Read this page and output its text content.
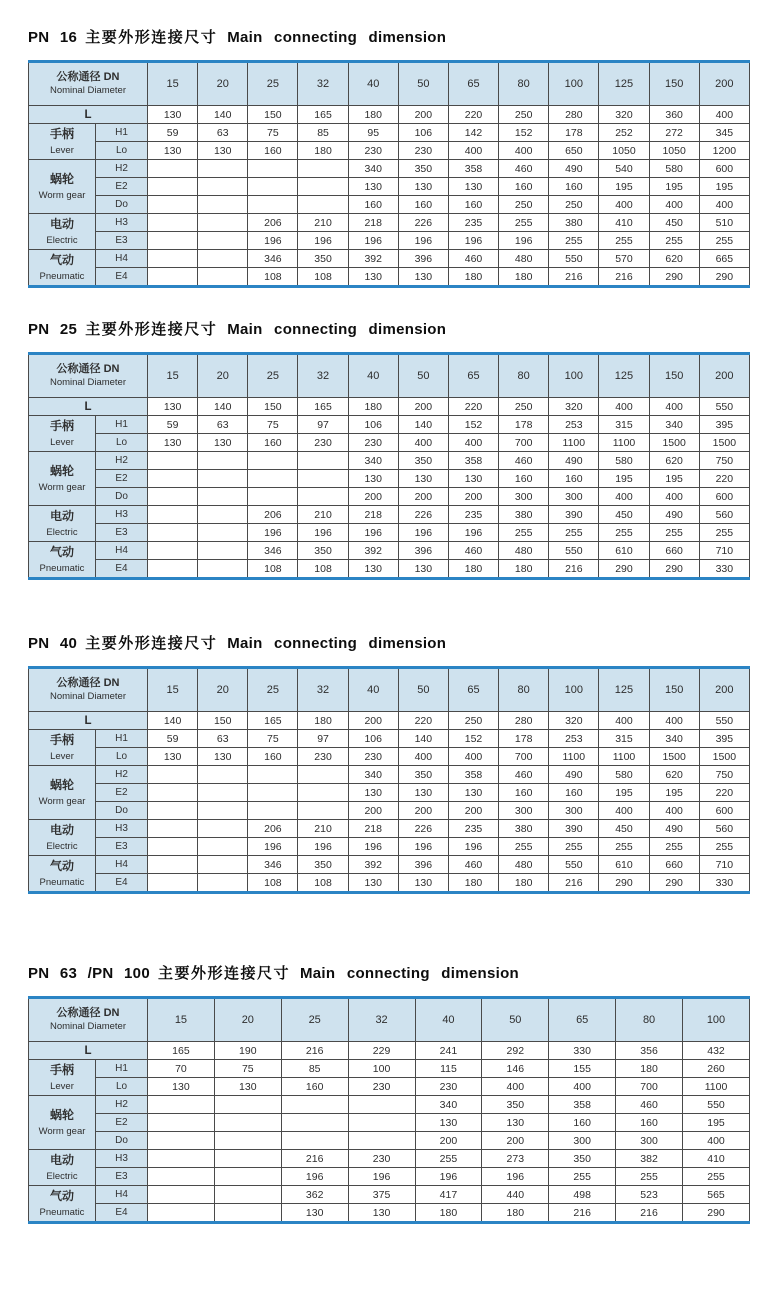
PN 16 主要外形连接尺寸 Main connecting dimension
公称通径 DN
Nominal Diameter		15	20	25	32	40	50	65	80	100	125	150	200
L		130	140	150	165	180	200	220	250	280	320	360	400

手柄
Lever	H1	59	63	75	85	95	106	142	152	178	252	272	345
	Lo	130	130	160	180	230	230	400	400	650	1050	1050	1200

蜗轮
Worm gear	H2					340	350	358	460	490	540	580	600
	E2					130	130	130	160	160	195	195	195
	Do					160	160	160	250	250	400	400	400

电动
Electric	H3			206	210	218	226	235	255	380	410	450	510
	E3			196	196	196	196	196	196	255	255	255	255

气动
Pneumatic	H4			346	350	392	396	460	480	550	570	620	665
	E4			108	108	130	130	180	180	216	216	290	290
PN 25 主要外形连接尺寸 Main connecting dimension
公称通径 DN
Nominal Diameter		15	20	25	32	40	50	65	80	100	125	150	200
L		130	140	150	165	180	200	220	250	320	400	400	550

手柄
Lever	H1	59	63	75	97	106	140	152	178	253	315	340	395
	Lo	130	130	160	230	230	400	400	700	1100	1100	1500	1500

蜗轮
Worm gear	H2					340	350	358	460	490	580	620	750
	E2					130	130	130	160	160	195	195	220
	Do					200	200	200	300	300	400	400	600

电动
Electric	H3			206	210	218	226	235	380	390	450	490	560
	E3			196	196	196	196	196	255	255	255	255	255

气动
Pneumatic	H4			346	350	392	396	460	480	550	610	660	710
	E4			108	108	130	130	180	180	216	290	290	330
PN 40 主要外形连接尺寸 Main connecting dimension
公称通径 DN
Nominal Diameter		15	20	25	32	40	50	65	80	100	125	150	200
L		140	150	165	180	200	220	250	280	320	400	400	550

手柄
Lever	H1	59	63	75	97	106	140	152	178	253	315	340	395
	Lo	130	130	160	230	230	400	400	700	1100	1100	1500	1500

蜗轮
Worm gear	H2					340	350	358	460	490	580	620	750
	E2					130	130	130	160	160	195	195	220
	Do					200	200	200	300	300	400	400	600

电动
Electric	H3			206	210	218	226	235	380	390	450	490	560
	E3			196	196	196	196	196	255	255	255	255	255

气动
Pneumatic	H4			346	350	392	396	460	480	550	610	660	710
	E4			108	108	130	130	180	180	216	290	290	330
PN 63 /PN 100 主要外形连接尺寸 Main connecting dimension
公称通径 DN
Nominal Diameter		15	20	25	32	40	50	65	80	100
L		165	190	216	229	241	292	330	356	432

手柄
Lever	H1	70	75	85	100	115	146	155	180	260
	Lo	130	130	160	230	230	400	400	700	1100

蜗轮
Worm gear	H2					340	350	358	460	550
	E2					130	130	160	160	195
	Do					200	200	300	300	400

电动
Electric	H3			216	230	255	273	350	382	410
	E3			196	196	196	196	255	255	255

气动
Pneumatic	H4			362	375	417	440	498	523	565
	E4			130	130	180	180	216	216	290
